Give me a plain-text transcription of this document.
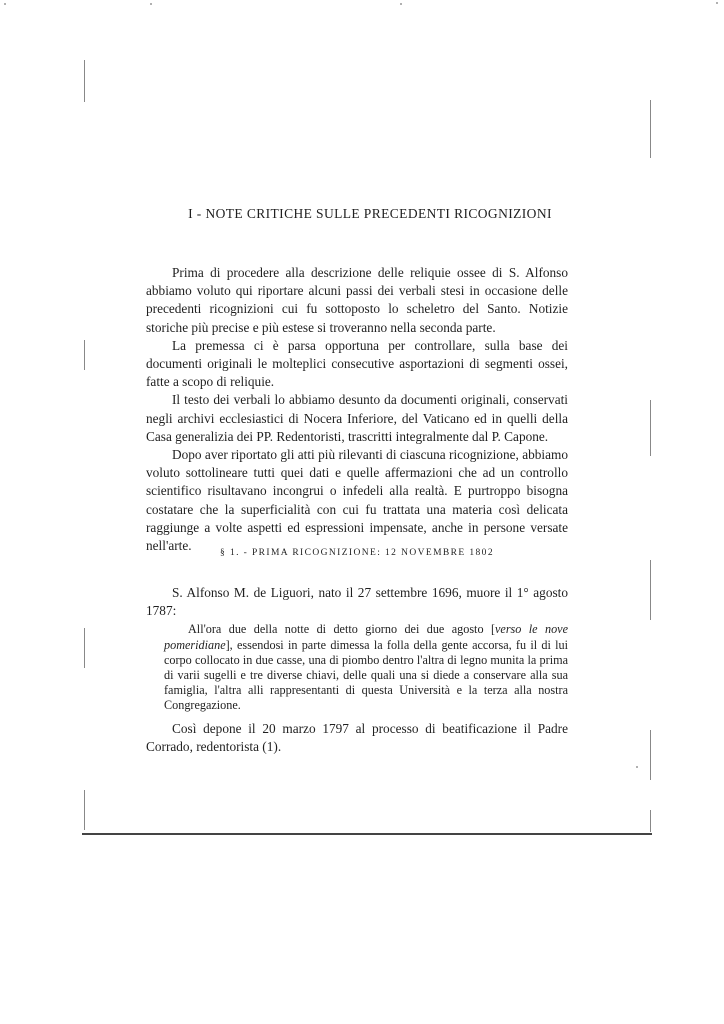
I - NOTE CRITICHE SULLE PRECEDENTI RICOGNIZIONI

Prima di procedere alla descrizione delle reliquie ossee di S. Alfonso abbiamo voluto qui riportare alcuni passi dei verbali stesi in occasione delle precedenti ricognizioni cui fu sottoposto lo scheletro del Santo. Notizie storiche più precise e più estese si troveranno nella seconda parte.

La premessa ci è parsa opportuna per controllare, sulla base dei documenti originali le molteplici consecutive asportazioni di segmenti ossei, fatte a scopo di reliquie.

Il testo dei verbali lo abbiamo desunto da documenti originali, conservati negli archivi ecclesiastici di Nocera Inferiore, del Vaticano ed in quelli della Casa generalizia dei PP. Redentoristi, trascritti integralmente dal P. Capone.

Dopo aver riportato gli atti più rilevanti di ciascuna ricognizione, abbiamo voluto sottolineare tutti quei dati e quelle affermazioni che ad un controllo scientifico risultavano incongrui o infedeli alla realtà. E purtroppo bisogna costatare che la superficialità con cui fu trattata una materia così delicata raggiunge a volte aspetti ed espressioni impensate, anche in persone versate nell'arte.	§ 1. - PRIMA RICOGNIZIONE: 12 NOVEMBRE 1802

S. Alfonso M. de Liguori, nato il 27 settembre 1696, muore il 1° agosto 1787:

All'ora due della notte di detto giorno dei due agosto [verso le nove pomeridiane], essendosi in parte dimessa la folla della gente accorsa, fu il di lui corpo collocato in due casse, una di piombo dentro l'altra di legno munita la prima di varii sugelli e tre diverse chiavi, delle quali una si diede a conservare alla sua famiglia, l'altra alli rappresentanti di questa Università e la terza alla nostra Congregazione.

Così depone il 20 marzo 1797 al processo di beatificazione il Padre Corrado, redentorista (1).
